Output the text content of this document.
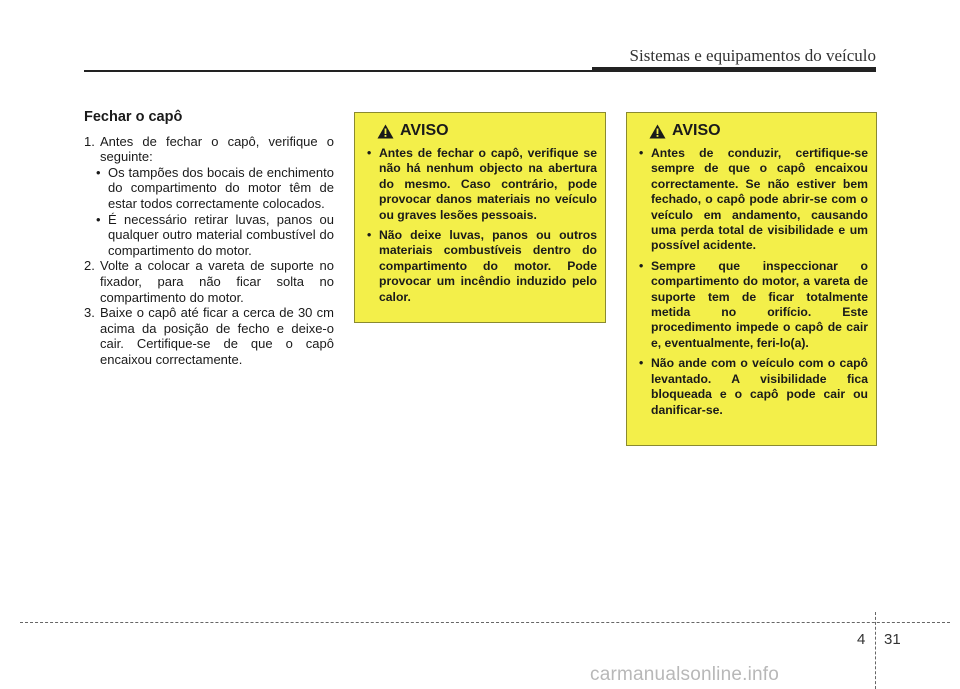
Sistemas e equipamentos do veículo
Fechar o capô
1. Antes de fechar o capô, verifique o seguinte:
• Os tampões dos bocais de enchimento do compartimento do motor têm de estar todos correctamente colocados.
• É necessário retirar luvas, panos ou qualquer outro material combustível do compartimento do motor.
2. Volte a colocar a vareta de suporte no fixador, para não ficar solta no compartimento do motor.
3. Baixe o capô até ficar a cerca de 30 cm acima da posição de fecho e deixe-o cair. Certifique-se de que o capô encaixou correctamente.
AVISO
• Antes de fechar o capô, verifique se não há nenhum objecto na abertura do mesmo. Caso contrário, pode provocar danos materiais no veículo ou graves lesões pessoais.
• Não deixe luvas, panos ou outros materiais combustíveis dentro do compartimento do motor. Pode provocar um incêndio induzido pelo calor.
AVISO
• Antes de conduzir, certifique-se sempre de que o capô encaixou correctamente. Se não estiver bem fechado, o capô pode abrir-se com o veículo em andamento, causando uma perda total de visibilidade e um possível acidente.
• Sempre que inspeccionar o compartimento do motor, a vareta de suporte tem de ficar totalmente metida no orifício. Este procedimento impede o capô de cair e, eventualmente, feri-lo(a).
• Não ande com o veículo com o capô levantado. A visibilidade fica bloqueada e o capô pode cair ou danificar-se.
4 31
carmanualsonline.info
